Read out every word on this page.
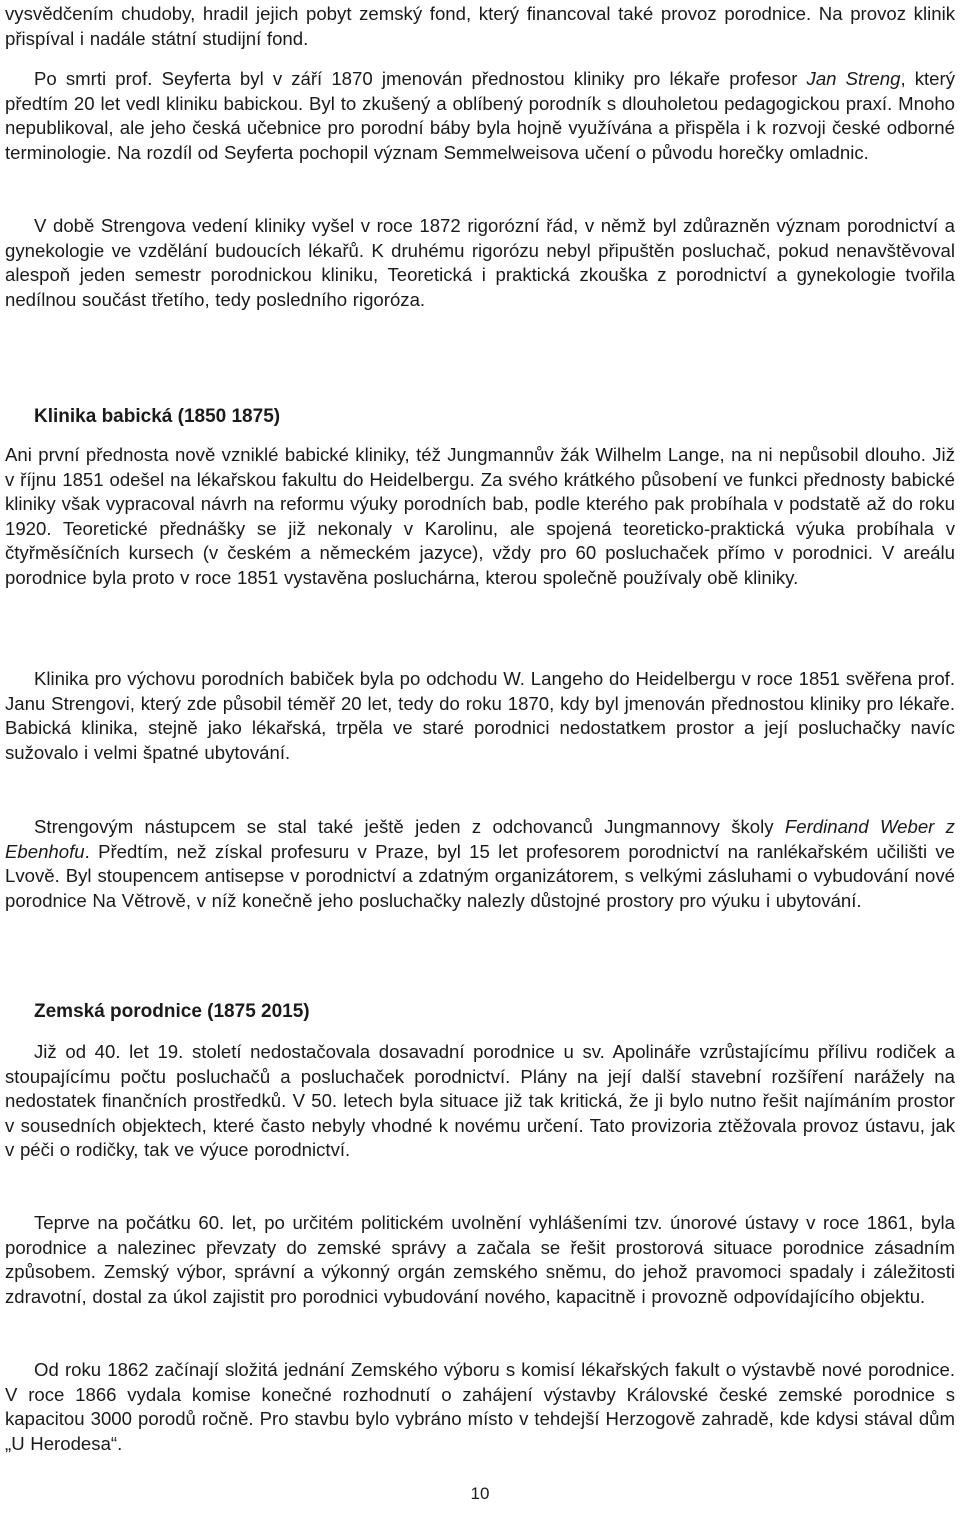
vysvědčením chudoby, hradil jejich pobyt zemský fond, který financoval také provoz porodnice. Na provoz klinik přispíval i nadále státní studijní fond.

Po smrti prof. Seyferta byl v září 1870 jmenován přednostou kliniky pro lékaře profesor Jan Streng, který předtím 20 let vedl kliniku babickou. Byl to zkušený a oblíbený porodník s dlouholetou pedagogickou praxí. Mnoho nepublikoval, ale jeho česká učebnice pro porodní báby byla hojně využívána a přispěla i k rozvoji české odborné terminologie. Na rozdíl od Seyferta pochopil význam Semmelweisova učení o původu horečky omladnic.

V době Strengova vedení kliniky vyšel v roce 1872 rigorózní řád, v němž byl zdůrazněn význam porodnictví a gynekologie ve vzdělání budoucích lékařů. K druhému rigorózu nebyl připuštěn posluchač, pokud nenavštěvoval alespoň jeden semestr porodnickou kliniku, Teoretická i praktická zkouška z porodnictví a gynekologie tvořila nedílnou součást třetího, tedy posledního rigoróza.

Klinika babická (1850 1875)

Ani první přednosta nově vzniklé babické kliniky, též Jungmannův žák Wilhelm Lange, na ni nepůsobil dlouho. Již v říjnu 1851 odešel na lékařskou fakultu do Heidelbergu. Za svého krátkého působení ve funkci přednosty babické kliniky však vypracoval návrh na reformu výuky porodních bab, podle kterého pak probíhala v podstatě až do roku 1920. Teoretické přednášky se již nekonaly v Karolinu, ale spojená teoreticko-praktická výuka probíhala v čtyřměsíčních kursech (v českém a německém jazyce), vždy pro 60 posluchaček přímo v porodnici. V areálu porodnice byla proto v roce 1851 vystavěna posluchárna, kterou společně používaly obě kliniky.

Klinika pro výchovu porodních babiček byla po odchodu W. Langeho do Heidelbergu v roce 1851 svěřena prof. Janu Strengovi, který zde působil téměř 20 let, tedy do roku 1870, kdy byl jmenován přednostou kliniky pro lékaře. Babická klinika, stejně jako lékařská, trpěla ve staré porodnici nedostatkem prostor a její posluchačky navíc sužovalo i velmi špatné ubytování.

Strengovým nástupcem se stal také ještě jeden z odchovanců Jungmannovy školy Ferdinand Weber z Ebenhofu. Předtím, než získal profesuru v Praze, byl 15 let profesorem porodnictví na ranlékařském učilišti ve Lvově. Byl stoupencem antisepse v porodnictví a zdatným organizátorem, s velkými zásluhami o vybudování nové porodnice Na Větrově, v níž konečně jeho posluchačky nalezly důstojné prostory pro výuku i ubytování.

Zemská porodnice (1875 2015)

Již od 40. let 19. století nedostačovala dosavadní porodnice u sv. Apolináře vzrůstajícímu přílivu rodiček a stoupajícímu počtu posluchačů a posluchaček porodnictví. Plány na její další stavební rozšíření narážely na nedostatek finančních prostředků. V 50. letech byla situace již tak kritická, že ji bylo nutno řešit najímáním prostor v sousedních objektech, které často nebyly vhodné k novému určení. Tato provizoria ztěžovala provoz ústavu, jak v péči o rodičky, tak ve výuce porodnictví.

Teprve na počátku 60. let, po určitém politickém uvolnění vyhlášeními tzv. únorové ústavy v roce 1861, byla porodnice a nalezinec převzaty do zemské správy a začala se řešit prostorová situace porodnice zásadním způsobem. Zemský výbor, správní a výkonný orgán zemského sněmu, do jehož pravomoci spadaly i záležitosti zdravotní, dostal za úkol zajistit pro porodnici vybudování nového, kapacitně i provozně odpovídajícího objektu.

Od roku 1862 začínají složitá jednání Zemského výboru s komisí lékařských fakult o výstavbě nové porodnice. V roce 1866 vydala komise konečné rozhodnutí o zahájení výstavby Královské české zemské porodnice s kapacitou 3000 porodů ročně. Pro stavbu bylo vybráno místo v tehdejší Herzogově zahradě, kde kdysi stával dům „U Herodesa“.

10
